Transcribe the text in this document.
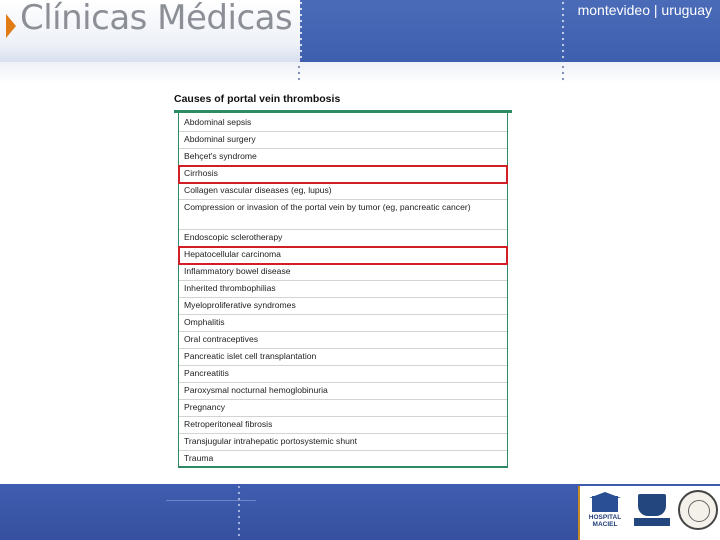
Clínicas Médicas	montevideo | uruguay
Causes of portal vein thrombosis
Abdominal sepsis
Abdominal surgery
Behçet's syndrome
Cirrhosis
Collagen vascular diseases (eg, lupus)
Compression or invasion of the portal vein by tumor (eg, pancreatic cancer)
Endoscopic sclerotherapy
Hepatocellular carcinoma
Inflammatory bowel disease
Inherited thrombophilias
Myeloproliferative syndromes
Omphalitis
Oral contraceptives
Pancreatic islet cell transplantation
Pancreatitis
Paroxysmal nocturnal hemoglobinuria
Pregnancy
Retroperitoneal fibrosis
Transjugular intrahepatic portosystemic shunt
Trauma
HOSPITAL MACIEL
